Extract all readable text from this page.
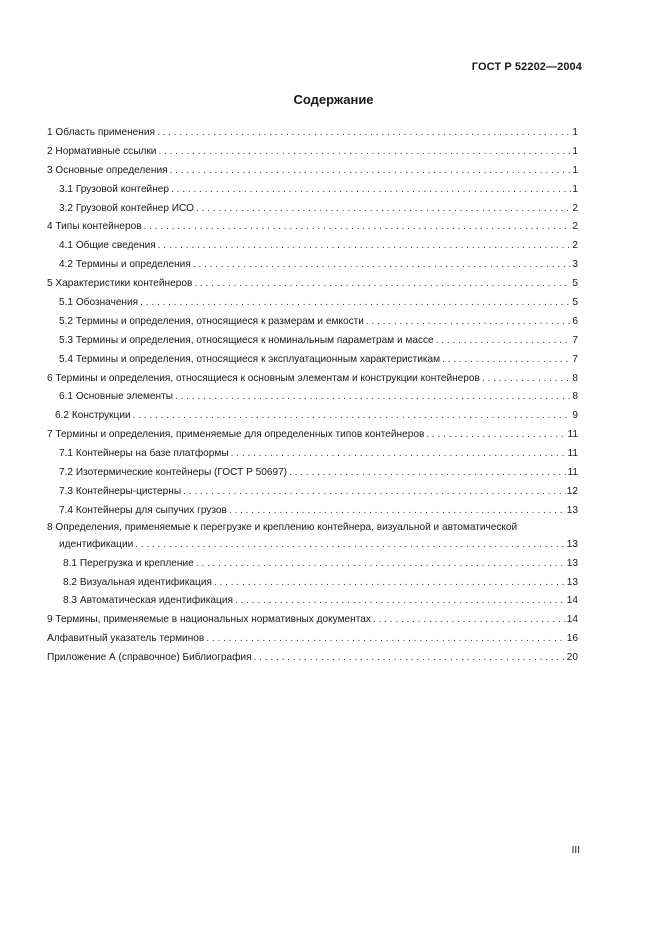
ГОСТ Р 52202—2004
Содержание
1 Область применения . . .	1
2 Нормативные ссылки . . .	1
3 Основные определения . . .	1
3.1 Грузовой контейнер . . .	1
3.2 Грузовой контейнер ИСО . . .	2
4 Типы контейнеров . . .	2
4.1 Общие сведения . . .	2
4.2 Термины и определения . . .	3
5 Характеристики контейнеров . . .	5
5.1 Обозначения . . .	5
5.2 Термины и определения, относящиеся к размерам и емкости . . .	6
5.3 Термины и определения, относящиеся к номинальным параметрам и массе . . .	7
5.4 Термины и определения, относящиеся к эксплуатационным характеристикам . . .	7
6 Термины и определения, относящиеся к основным элементам и конструкции контейнеров . . .	8
6.1 Основные элементы . . .	8
6.2 Конструкции . . .	9
7 Термины и определения, применяемые для определенных типов контейнеров . . .	11
7.1 Контейнеры на базе платформы . . .	11
7.2 Изотермические контейнеры (ГОСТ Р 50697) . . .	11
7.3 Контейнеры-цистерны . . .	12
7.4 Контейнеры для сыпучих грузов . . .	13
8 Определения, применяемые к перегрузке и креплению контейнера, визуальной и автоматической
идентификации . . .	13
8.1 Перегрузка и крепление . . .	13
8.2 Визуальная идентификация . . .	13
8.3 Автоматическая идентификация . . .	14
9 Термины, применяемые в национальных нормативных документах . . .	14
Алфавитный указатель терминов . . .	16
Приложение А (справочное) Библиография . . .	20
III
